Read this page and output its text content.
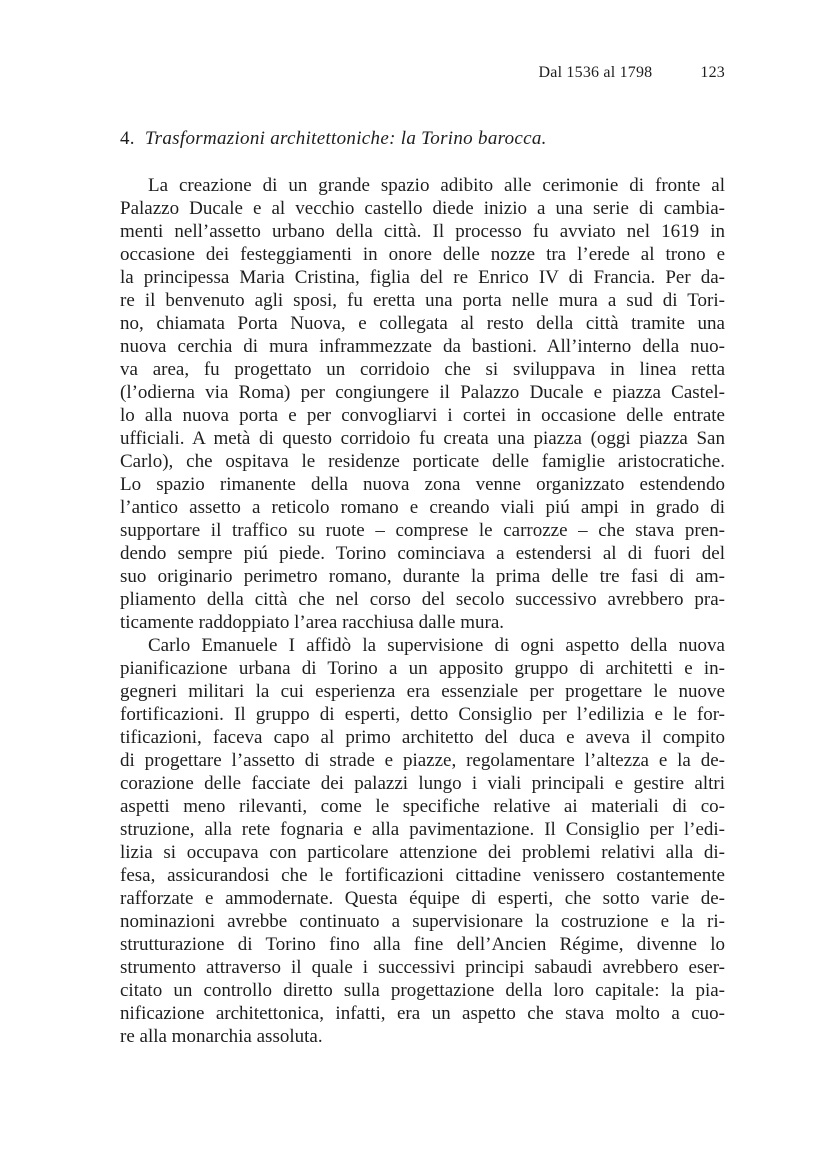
Dal 1536 al 1798	123
4. Trasformazioni architettoniche: la Torino barocca.
La creazione di un grande spazio adibito alle cerimonie di fronte al
Palazzo Ducale e al vecchio castello diede inizio a una serie di cambia-
menti nell’assetto urbano della città. Il processo fu avviato nel 1619 in
occasione dei festeggiamenti in onore delle nozze tra l’erede al trono e
la principessa Maria Cristina, figlia del re Enrico IV di Francia. Per da-
re il benvenuto agli sposi, fu eretta una porta nelle mura a sud di Tori-
no, chiamata Porta Nuova, e collegata al resto della città tramite una
nuova cerchia di mura inframmezzate da bastioni. All’interno della nuo-
va area, fu progettato un corridoio che si sviluppava in linea retta
(l’odierna via Roma) per congiungere il Palazzo Ducale e piazza Castel-
lo alla nuova porta e per convogliarvi i cortei in occasione delle entrate
ufficiali. A metà di questo corridoio fu creata una piazza (oggi piazza San
Carlo), che ospitava le residenze porticate delle famiglie aristocratiche.
Lo spazio rimanente della nuova zona venne organizzato estendendo
l’antico assetto a reticolo romano e creando viali piú ampi in grado di
supportare il traffico su ruote – comprese le carrozze – che stava pren-
dendo sempre piú piede. Torino cominciava a estendersi al di fuori del
suo originario perimetro romano, durante la prima delle tre fasi di am-
pliamento della città che nel corso del secolo successivo avrebbero pra-
ticamente raddoppiato l’area racchiusa dalle mura.
Carlo Emanuele I affidò la supervisione di ogni aspetto della nuova
pianificazione urbana di Torino a un apposito gruppo di architetti e in-
gegneri militari la cui esperienza era essenziale per progettare le nuove
fortificazioni. Il gruppo di esperti, detto Consiglio per l’edilizia e le for-
tificazioni, faceva capo al primo architetto del duca e aveva il compito
di progettare l’assetto di strade e piazze, regolamentare l’altezza e la de-
corazione delle facciate dei palazzi lungo i viali principali e gestire altri
aspetti meno rilevanti, come le specifiche relative ai materiali di co-
struzione, alla rete fognaria e alla pavimentazione. Il Consiglio per l’edi-
lizia si occupava con particolare attenzione dei problemi relativi alla di-
fesa, assicurandosi che le fortificazioni cittadine venissero costantemente
rafforzate e ammodernate. Questa équipe di esperti, che sotto varie de-
nominazioni avrebbe continuato a supervisionare la costruzione e la ri-
strutturazione di Torino fino alla fine dell’Ancien Régime, divenne lo
strumento attraverso il quale i successivi principi sabaudi avrebbero eser-
citato un controllo diretto sulla progettazione della loro capitale: la pia-
nificazione architettonica, infatti, era un aspetto che stava molto a cuo-
re alla monarchia assoluta.
